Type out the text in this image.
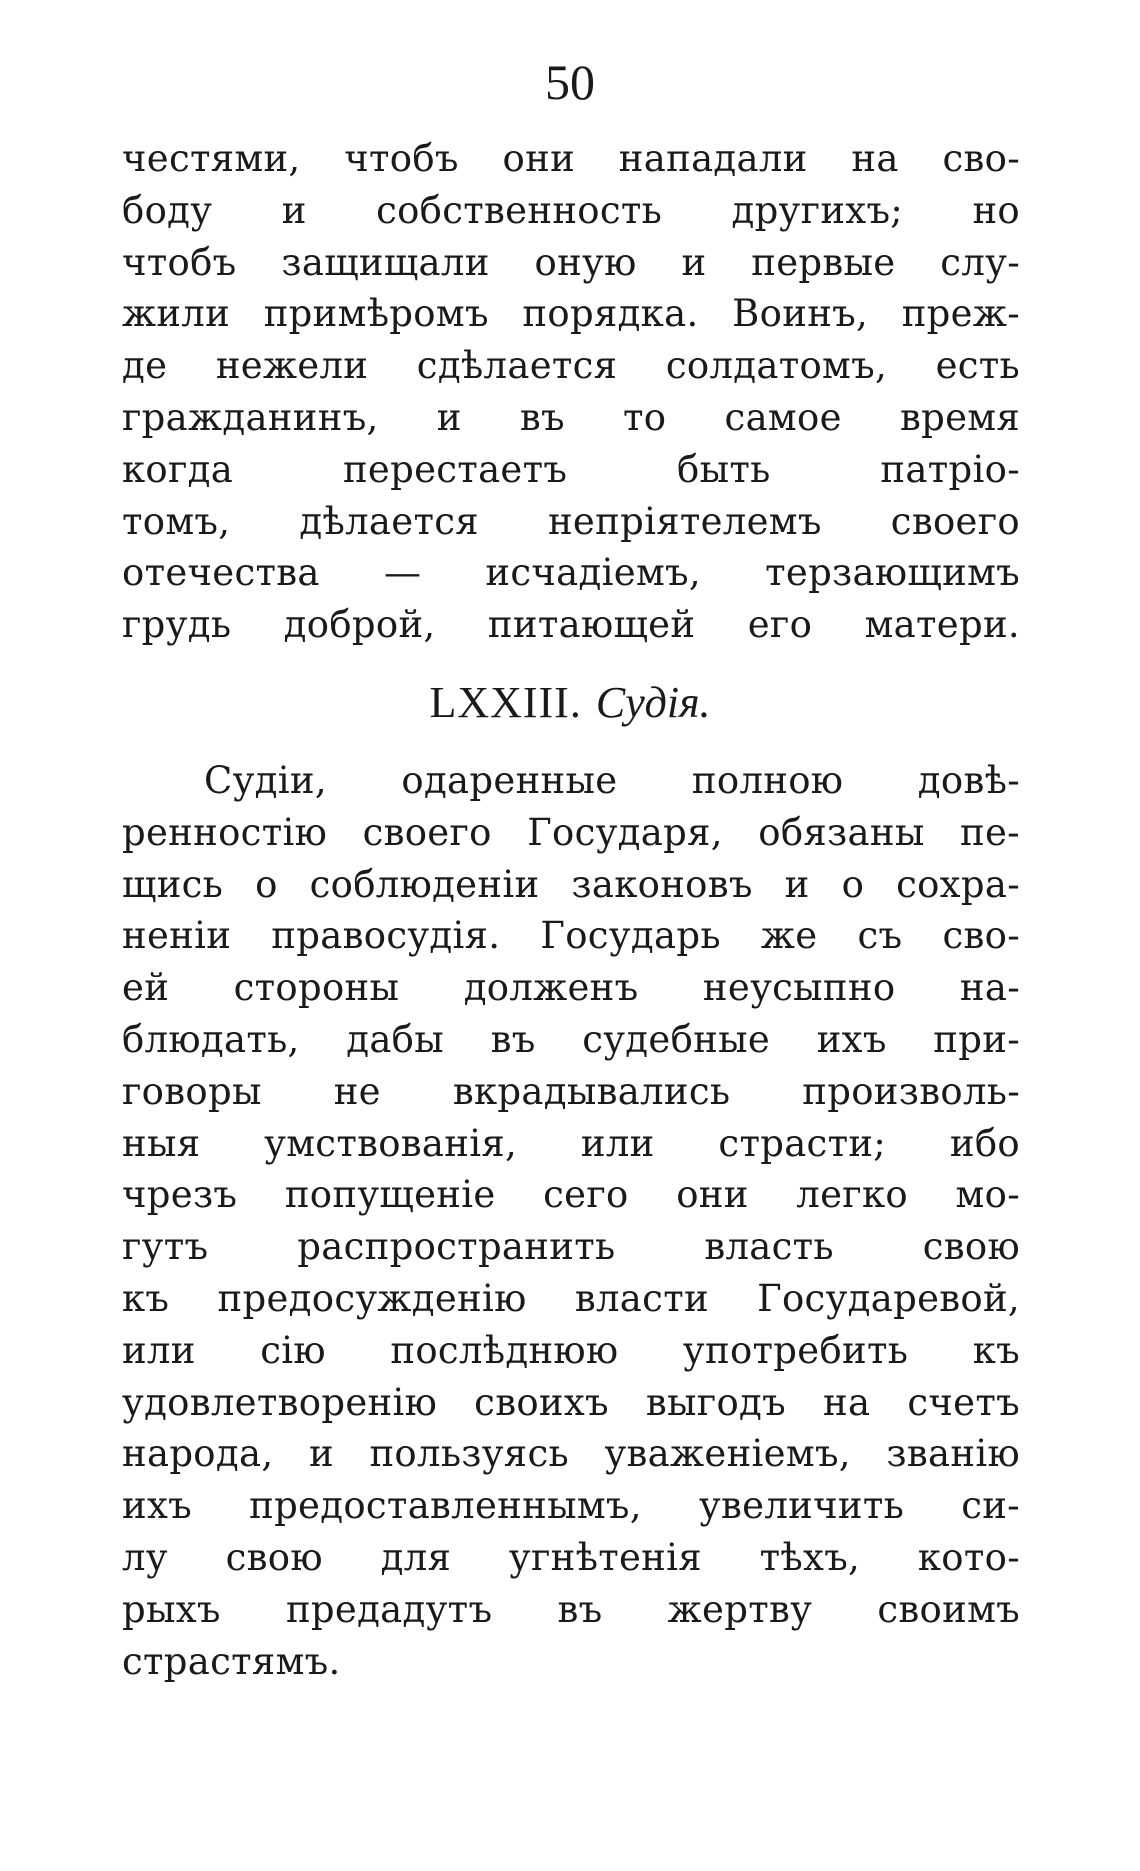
50
честями, чтобъ они нападали на сво-
боду и собственность другихъ; но
чтобъ защищали оную и первые слу-
жили примѣромъ порядка. Воинъ, преж-
де нежели сдѣлается солдатомъ, есть
гражданинъ, и въ то самое время
когда перестаетъ быть патріо-
томъ, дѣлается непріятелемъ своего
отечества — исчадіемъ, терзающимъ
грудь доброй, питающей его матери.
LXXIII. Судія.
Судіи, одаренные полною довѣ-
ренностію своего Государя, обязаны пе-
щись о соблюденіи законовъ и о сохра-
неніи правосудія. Государь же съ сво-
ей стороны долженъ неусыпно на-
блюдать, дабы въ судебные ихъ при-
говоры не вкрадывались произволь-
ныя умствованія, или страсти; ибо
чрезъ попущеніе сего они легко мо-
гутъ распространить власть свою
къ предосужденію власти Государевой,
или сію послѣднюю употребить къ
удовлетворенію своихъ выгодъ на счетъ
народа, и пользуясь уваженіемъ, званію
ихъ предоставленнымъ, увеличить си-
лу свою для угнѣтенія тѣхъ, кото-
рыхъ предадутъ въ жертву своимъ
страстямъ.
